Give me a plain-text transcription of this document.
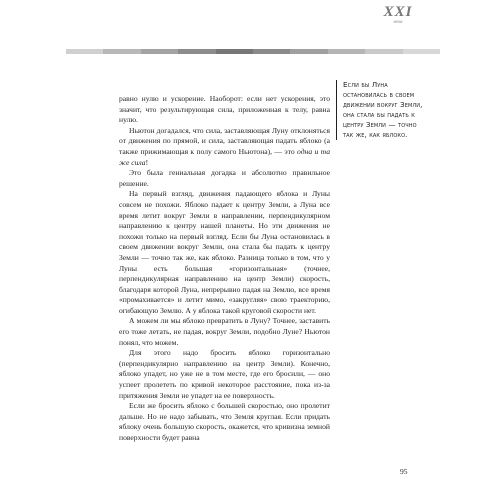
XXI
веха

равно нулю и ускорение. Наоборот: если нет ускорения, это значит, что результирующая сила, приложенная к телу, равна нулю.

Ньютон догадался, что сила, заставляющая Луну отклоняться от движения по прямой, и сила, заставляющая падать яблоко (а также прижимающая к полу самого Ньютона), — это одна и та же сила!

Это была гениальная догадка и абсолютно правильное решение.

На первый взгляд, движения падающего яблока и Луны совсем не похожи. Яблоко падает к центру Земли, а Луна все время летит вокруг Земли в направлении, перпендикулярном направлению к центру нашей планеты. Но эти движения не похожи только на первый взгляд. Если бы Луна остановилась в своем движении вокруг Земли, она стала бы падать к центру Земли — точно так же, как яблоко. Разница только в том, что у Луны есть большая «горизонтальная» (точнее, перпендикулярная направлению на центр Земли) скорость, благодаря которой Луна, непрерывно падая на Землю, все время «промахивается» и летит мимо, «закругляя» свою траекторию, огибающую Землю. А у яблока такой круговой скорости нет.

А можем ли мы яблоко превратить в Луну? Точнее, заставить его тоже летать, не падая, вокруг Земли, подобно Луне? Ньютон понял, что можем.

Для этого надо бросить яблоко горизонтально (перпендикулярно направлению на центр Земли). Конечно, яблоко упадет, но уже не в том месте, где его бросили, — оно успеет пролететь по кривой некоторое расстояние, пока из-за притяжения Земли не упадет на ее поверхность.

Если же бросить яблоко с большей скоростью, оно пролетит дальше. Но не надо забывать, что Земля круглая. Если придать яблоку очень большую скорость, окажется, что кривизна земной поверхности будет равна

Если бы Луна остановилась в своем движении вокруг Земли, она стала бы падать к центру Земли — точно так же, как яблоко.
95
